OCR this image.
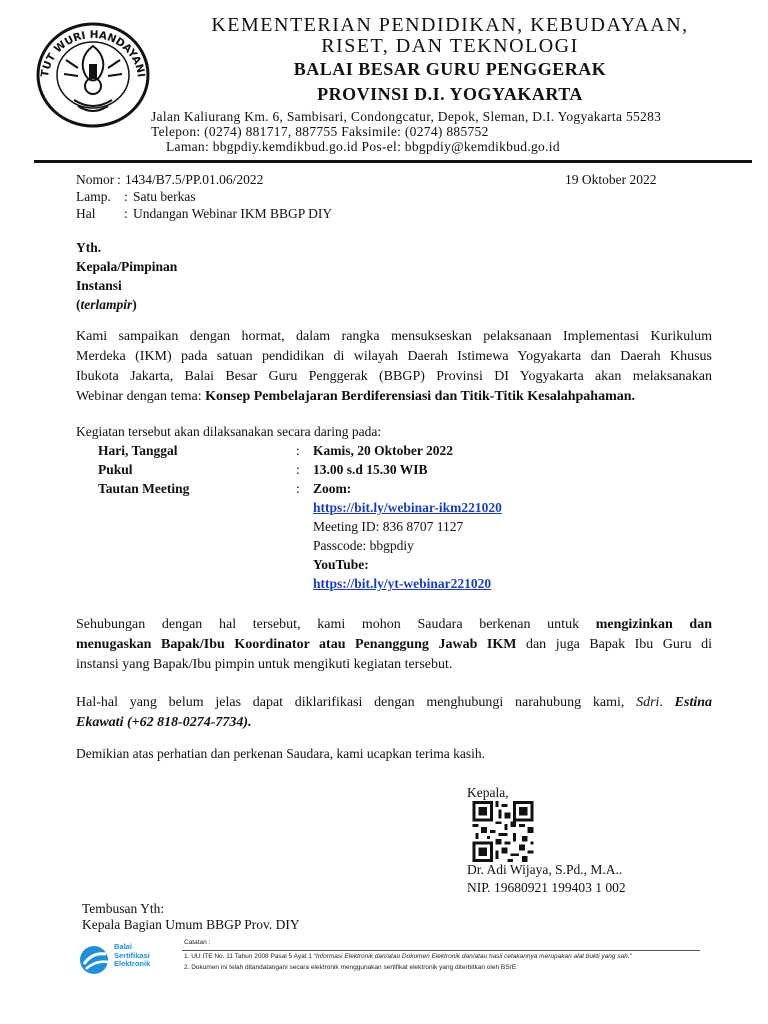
TUT WURI HANDAYANI
KEMENTERIAN PENDIDIKAN, KEBUDAYAAN,
RISET, DAN TEKNOLOGI
BALAI BESAR GURU PENGGERAK
PROVINSI D.I. YOGYAKARTA
Jalan Kaliurang Km. 6, Sambisari, Condongcatur, Depok, Sleman, D.I. Yogyakarta 55283
Telepon: (0274) 881717, 887755 Faksimile: (0274) 885752
Laman: bbgpdiy.kemdikbud.go.id Pos-el: bbgpdiy@kemdikbud.go.id
Nomor : 1434/B7.5/PP.01.06/2022	19 Oktober 2022
Lamp. : Satu berkas
Hal : Undangan Webinar IKM BBGP DIY
Yth.
Kepala/Pimpinan
Instansi
(terlampir)
Kami sampaikan dengan hormat, dalam rangka mensukseskan pelaksanaan Implementasi Kurikulum
Merdeka (IKM) pada satuan pendidikan di wilayah Daerah Istimewa Yogyakarta dan Daerah Khusus
Ibukota Jakarta, Balai Besar Guru Penggerak (BBGP) Provinsi DI Yogyakarta akan melaksanakan
Webinar dengan tema: Konsep Pembelajaran Berdiferensiasi dan Titik-Titik Kesalahpahaman.
Kegiatan tersebut akan dilaksanakan secara daring pada:
Hari, Tanggal	: Kamis, 20 Oktober 2022
Pukul	: 13.00 s.d 15.30 WIB
Tautan Meeting	: Zoom:
https://bit.ly/webinar-ikm221020
Meeting ID: 836 8707 1127
Passcode: bbgpdiy
YouTube:
https://bit.ly/yt-webinar221020
Sehubungan dengan hal tersebut, kami mohon Saudara berkenan untuk mengizinkan dan
menugaskan Bapak/Ibu Koordinator atau Penanggung Jawab IKM dan juga Bapak Ibu Guru di
instansi yang Bapak/Ibu pimpin untuk mengikuti kegiatan tersebut.
Hal-hal yang belum jelas dapat diklarifikasi dengan menghubungi narahubung kami, Sdri. Estina
Ekawati (+62 818-0274-7734).
Demikian atas perhatian dan perkenan Saudara, kami ucapkan terima kasih.
Kepala,
Dr. Adi Wijaya, S.Pd., M.A..
NIP. 19680921 199403 1 002
Tembusan Yth:
Kepala Bagian Umum BBGP Prov. DIY
Balai
Sertifikasi
Elektronik
Catatan :
1. UU ITE No. 11 Tahun 2008 Pasal 5 Ayat 1 “Informasi Elektronik dan/atau Dokumen Elektronik dan/atau hasil cetakannya merupakan alat bukti yang sah.”
2. Dokumen ini telah ditandatangani secara elektronik menggunakan sertifikat elektronik yang diterbitkan oleh BSrE
